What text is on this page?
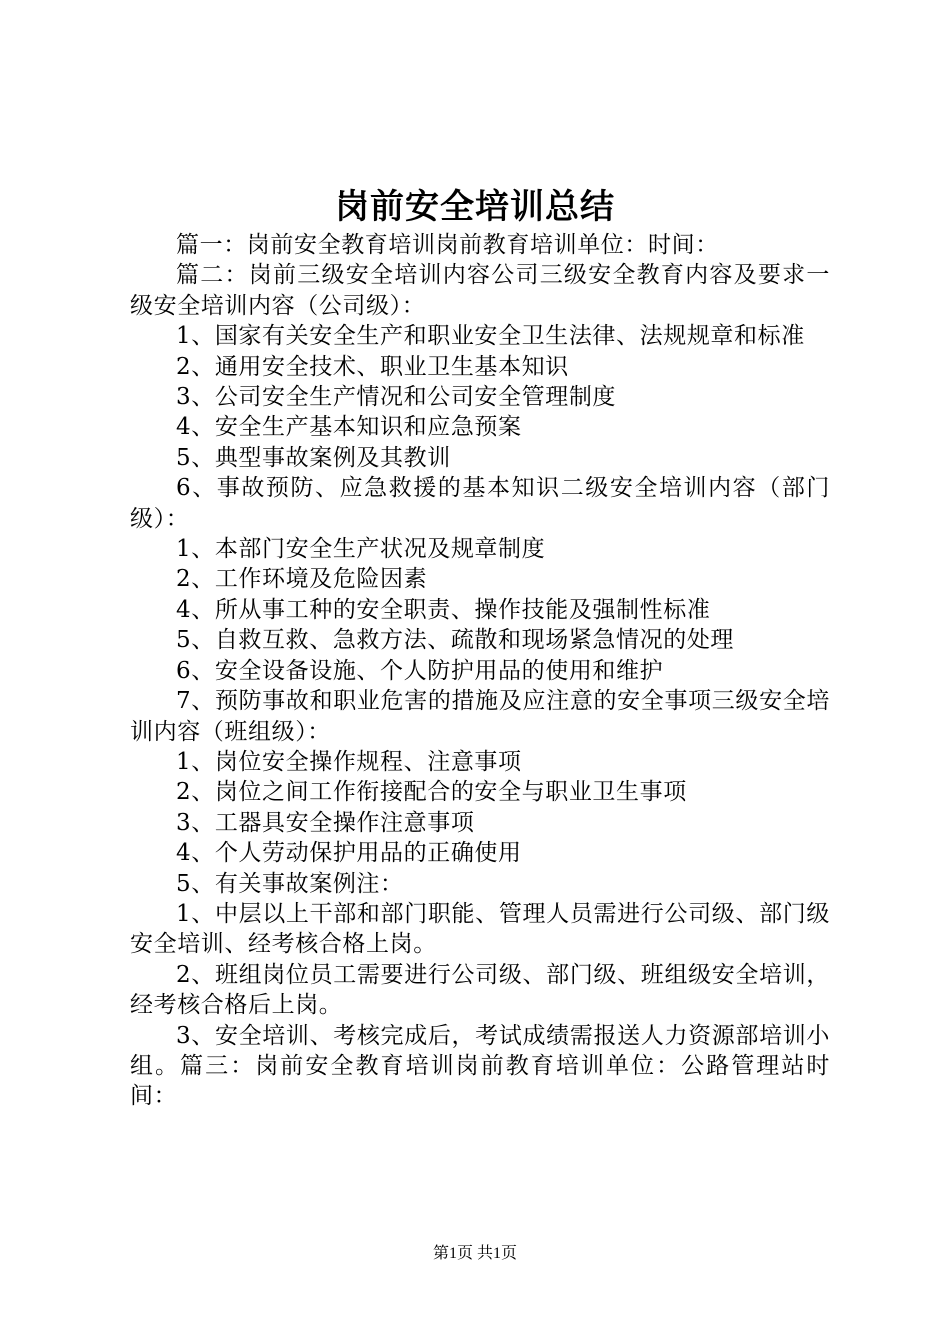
岗前安全培训总结

篇一：岗前安全教育培训岗前教育培训单位：时间：

篇二：岗前三级安全培训内容公司三级安全教育内容及要求一级安全培训内容（公司级）：

1、国家有关安全生产和职业安全卫生法律、法规规章和标准

2、通用安全技术、职业卫生基本知识

3、公司安全生产情况和公司安全管理制度

4、安全生产基本知识和应急预案

5、典型事故案例及其教训

6、事故预防、应急救援的基本知识二级安全培训内容（部门级）：

1、本部门安全生产状况及规章制度

2、工作环境及危险因素

4、所从事工种的安全职责、操作技能及强制性标准

5、自救互救、急救方法、疏散和现场紧急情况的处理

6、安全设备设施、个人防护用品的使用和维护

7、预防事故和职业危害的措施及应注意的安全事项三级安全培训内容（班组级）：

1、岗位安全操作规程、注意事项

2、岗位之间工作衔接配合的安全与职业卫生事项

3、工器具安全操作注意事项

4、个人劳动保护用品的正确使用

5、有关事故案例注：

1、中层以上干部和部门职能、管理人员需进行公司级、部门级安全培训、经考核合格上岗。

2、班组岗位员工需要进行公司级、部门级、班组级安全培训，经考核合格后上岗。

3、安全培训、考核完成后，考试成绩需报送人力资源部培训小组。篇三：岗前安全教育培训岗前教育培训单位：公路管理站时间：

第1页 共1页
